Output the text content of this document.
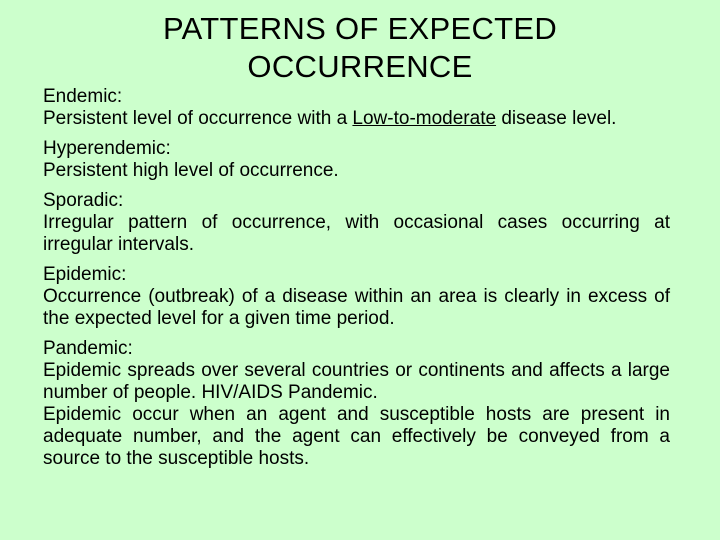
PATTERNS OF EXPECTED
OCCURRENCE
Endemic:
Persistent level of occurrence with a Low-to-moderate disease level.
Hyperendemic:
Persistent high level of occurrence.
Sporadic:
Irregular pattern of occurrence, with occasional cases occurring at irregular intervals.
Epidemic:
Occurrence (outbreak) of a disease within an area is clearly in excess of the expected level for a given time period.
Pandemic:
Epidemic spreads over several countries or continents and affects a large number of people. HIV/AIDS Pandemic.
Epidemic occur when an agent and susceptible hosts are present in adequate number, and the agent can effectively be conveyed from a source to the susceptible hosts.
